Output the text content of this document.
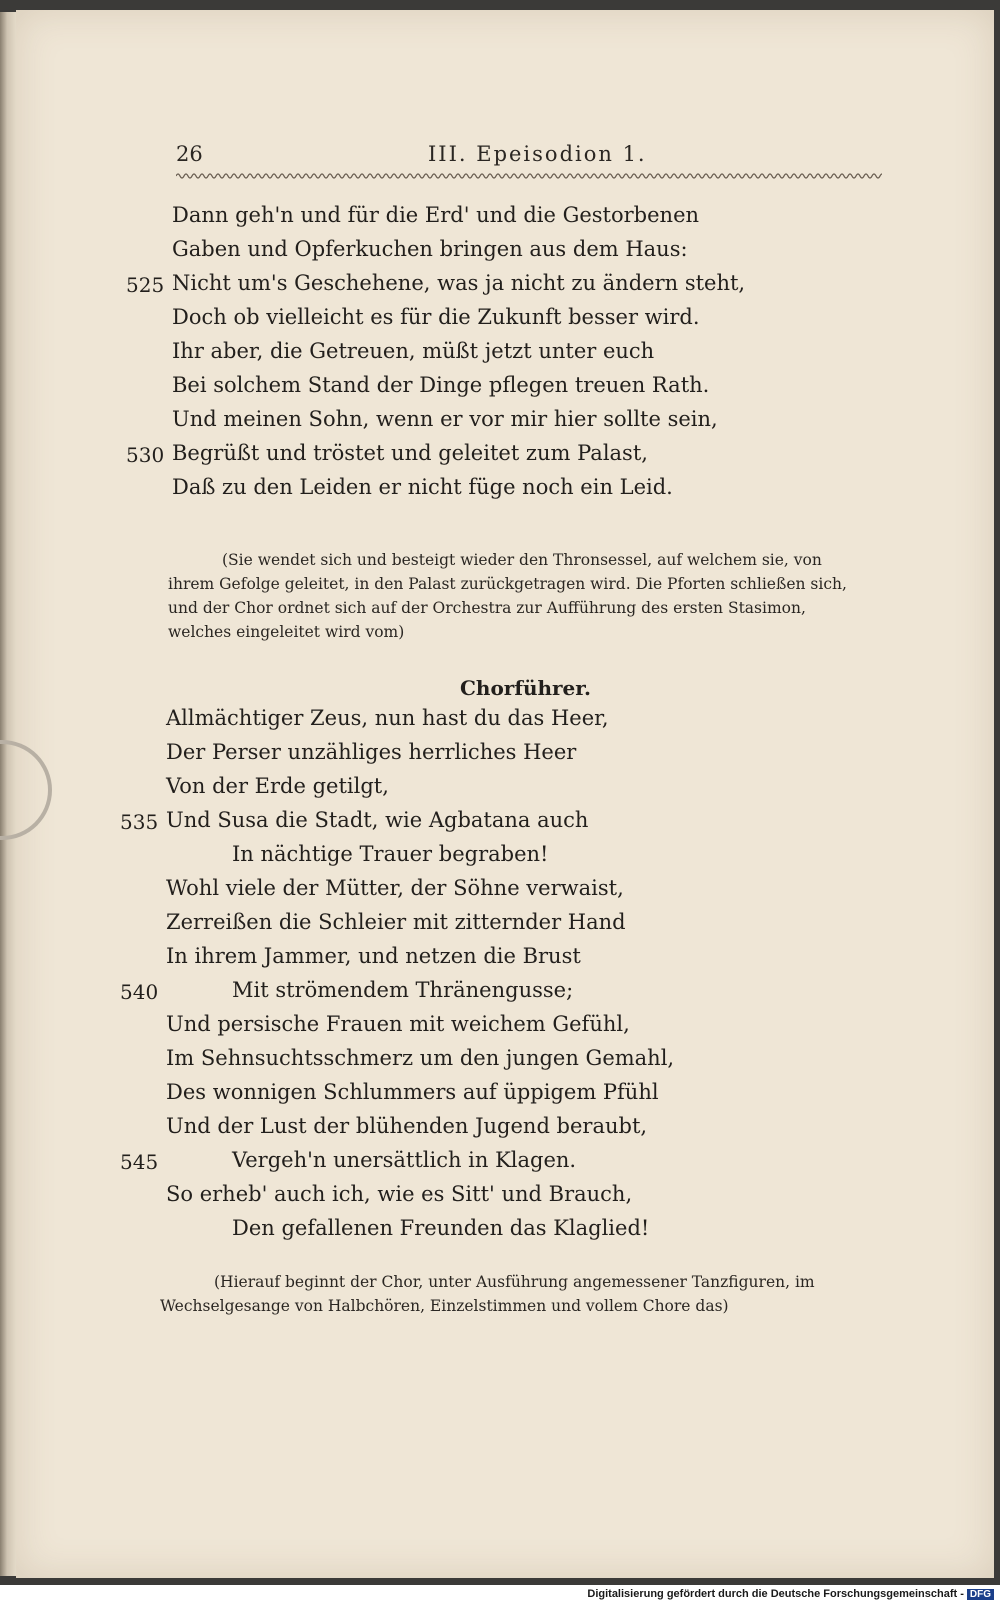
26	III. Epeisodion 1.
Dann geh'n und für die Erd' und die Gestorbenen
Gaben und Opferkuchen bringen aus dem Haus:
525 Nicht um's Geschehene, was ja nicht zu ändern steht,
Doch ob vielleicht es für die Zukunft besser wird.
Ihr aber, die Getreuen, müßt jetzt unter euch
Bei solchem Stand der Dinge pflegen treuen Rath.
Und meinen Sohn, wenn er vor mir hier sollte sein,
530 Begrüßt und tröstet und geleitet zum Palast,
Daß zu den Leiden er nicht füge noch ein Leid.
(Sie wendet sich und besteigt wieder den Thronsessel, auf welchem sie, von
ihrem Gefolge geleitet, in den Palast zurückgetragen wird. Die Pforten schließen sich,
und der Chor ordnet sich auf der Orchestra zur Aufführung des ersten Stasimon,
welches eingeleitet wird vom)
Chorführer.
Allmächtiger Zeus, nun hast du das Heer,
Der Perser unzähliges herrliches Heer
Von der Erde getilgt,
535 Und Susa die Stadt, wie Agbatana auch
In nächtige Trauer begraben!
Wohl viele der Mütter, der Söhne verwaist,
Zerreißen die Schleier mit zitternder Hand
In ihrem Jammer, und netzen die Brust
540	Mit strömendem Thränengusse;
Und persische Frauen mit weichem Gefühl,
Im Sehnsuchtsschmerz um den jungen Gemahl,
Des wonnigen Schlummers auf üppigem Pfühl
Und der Lust der blühenden Jugend beraubt,
545	Vergeh'n unersättlich in Klagen.
So erheb' auch ich, wie es Sitt' und Brauch,
Den gefallenen Freunden das Klaglied!
(Hierauf beginnt der Chor, unter Ausführung angemessener Tanzfiguren, im
Wechselgesange von Halbchören, Einzelstimmen und vollem Chore das)
Digitalisierung gefördert durch die Deutsche Forschungsgemeinschaft - DFG
